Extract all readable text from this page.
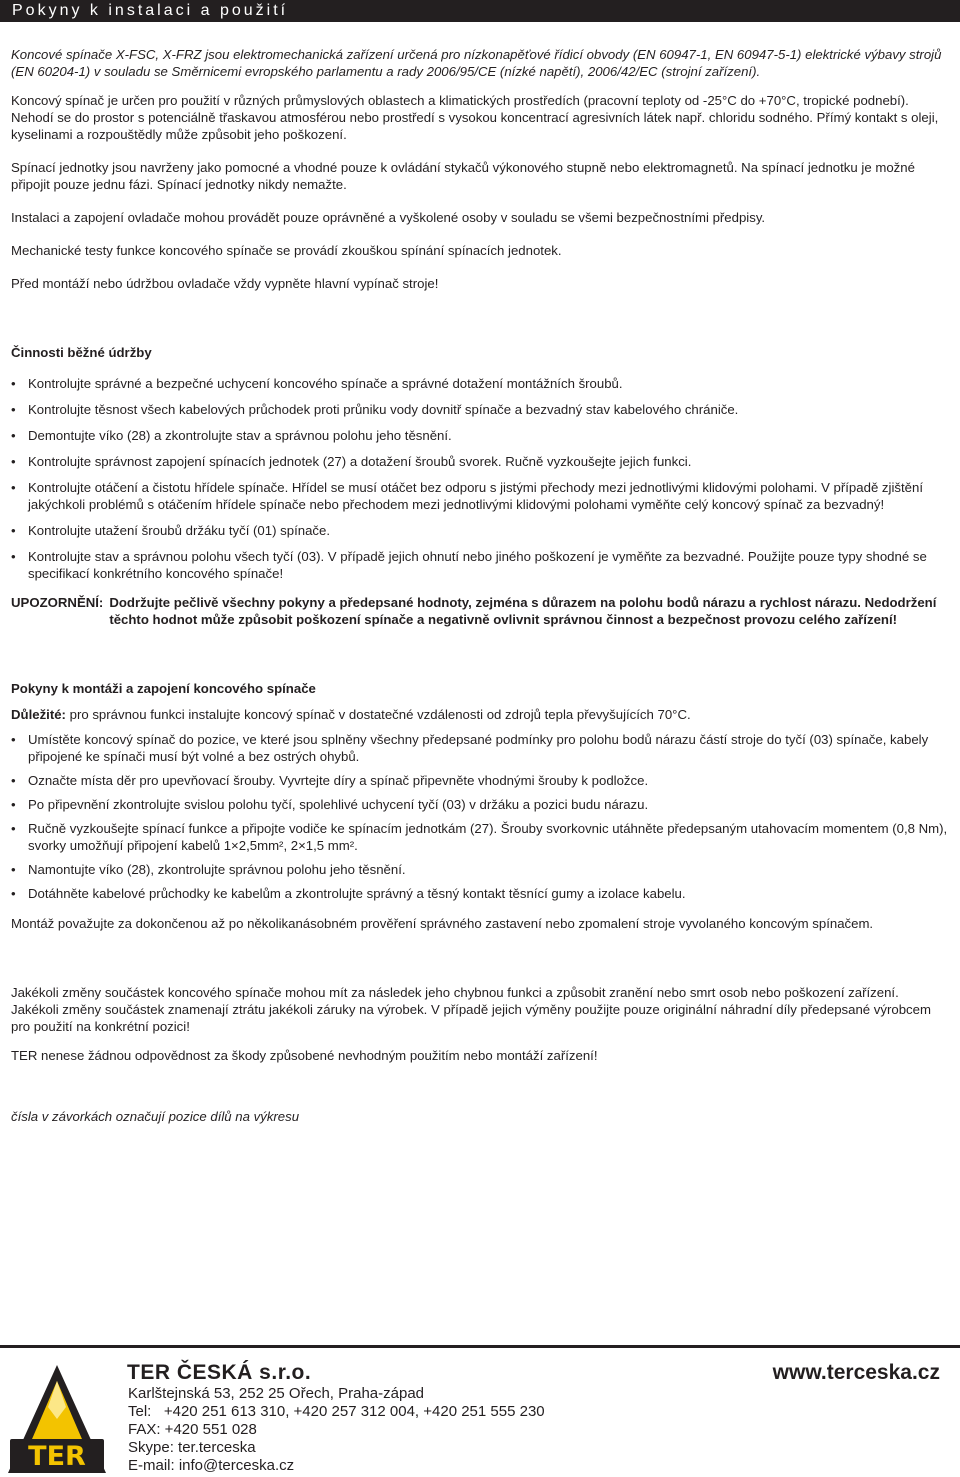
Pokyny k instalaci a použití

Koncové spínače X-FSC, X-FRZ jsou elektromechanická zařízení určená pro nízkonapěťové řídicí obvody (EN 60947-1, EN 60947-5-1) elektrické výbavy strojů (EN 60204-1) v souladu se Směrnicemi evropského parlamentu a rady 2006/95/CE (nízké napětí), 2006/42/EC (strojní zařízení).

Koncový spínač je určen pro použití v různých průmyslových oblastech a klimatických prostředích (pracovní teploty od -25°C do +70°C, tropické podnebí). Nehodí se do prostor s potenciálně třaskavou atmosférou nebo prostředí s vysokou koncentrací agresivních látek např. chloridu sodného. Přímý kontakt s oleji, kyselinami a rozpouštědly může způsobit jeho poškození.

Spínací jednotky jsou navrženy jako pomocné a vhodné pouze k ovládání stykačů výkonového stupně nebo elektromagnetů. Na spínací jednotku je možné připojit pouze jednu fázi. Spínací jednotky nikdy nemažte.

Instalaci a zapojení ovladače mohou provádět pouze oprávněné a vyškolené osoby v souladu se všemi bezpečnostními předpisy.

Mechanické testy funkce koncového spínače se provádí zkouškou spínání spínacích jednotek.

Před montáží nebo údržbou ovladače vždy vypněte hlavní vypínač stroje!

Činnosti běžné údržby
• Kontrolujte správné a bezpečné uchycení koncového spínače a správné dotažení montážních šroubů.
• Kontrolujte těsnost všech kabelových průchodek proti průniku vody dovnitř spínače a bezvadný stav kabelového chrániče.
• Demontujte víko (28) a zkontrolujte stav a správnou polohu jeho těsnění.
• Kontrolujte správnost zapojení spínacích jednotek (27) a dotažení šroubů svorek. Ručně vyzkoušejte jejich funkci.
• Kontrolujte otáčení a čistotu hřídele spínače. Hřídel se musí otáčet bez odporu s jistými přechody mezi jednotlivými klidovými polohami. V případě zjištění jakýchkoli problémů s otáčením hřídele spínače nebo přechodem mezi jednotlivými klidovými polohami vyměňte celý koncový spínač za bezvadný!
• Kontrolujte utažení šroubů držáku tyčí (01) spínače.
• Kontrolujte stav a správnou polohu všech tyčí (03). V případě jejich ohnutí nebo jiného poškození je vyměňte za bezvadné. Použijte pouze typy shodné se specifikací konkrétního koncového spínače!
UPOZORNĚNÍ: Dodržujte pečlivě všechny pokyny a předepsané hodnoty, zejména s důrazem na polohu bodů nárazu a rychlost nárazu. Nedodržení těchto hodnot může způsobit poškození spínače a negativně ovlivnit správnou činnost a bezpečnost provozu celého zařízení!
Pokyny k montáži a zapojení koncového spínače

Důležité: pro správnou funkci instalujte koncový spínač v dostatečné vzdálenosti od zdrojů tepla převyšujících 70°C.

• Umístěte koncový spínač do pozice, ve které jsou splněny všechny předepsané podmínky pro polohu bodů nárazu částí stroje do tyčí (03) spínače, kabely připojené ke spínači musí být volné a bez ostrých ohybů.
• Označte místa děr pro upevňovací šrouby. Vyvrtejte díry a spínač připevněte vhodnými šrouby k podložce.
• Po připevnění zkontrolujte svislou polohu tyčí, spolehlivé uchycení tyčí (03) v držáku a pozici budu nárazu.
• Ručně vyzkoušejte spínací funkce a připojte vodiče ke spínacím jednotkám (27). Šrouby svorkovnic utáhněte předepsaným utahovacím momentem (0,8 Nm), svorky umožňují připojení kabelů 1×2,5mm², 2×1,5 mm².
• Namontujte víko (28), zkontrolujte správnou polohu jeho těsnění.
• Dotáhněte kabelové průchodky ke kabelům a zkontrolujte správný a těsný kontakt těsnící gumy a izolace kabelu.

Montáž považujte za dokončenou až po několikanásobném prověření správného zastavení nebo zpomalení stroje vyvolaného koncovým spínačem.

Jakékoli změny součástek koncového spínače mohou mít za následek jeho chybnou funkci a způsobit zranění nebo smrt osob nebo poškození zařízení. Jakékoli změny součástek znamenají ztrátu jakékoli záruky na výrobek. V případě jejich výměny použijte pouze originální náhradní díly předepsané výrobcem pro použití na konkrétní pozici!

TER nenese žádnou odpovědnost za škody způsobené nevhodným použitím nebo montáží zařízení!

čísla v závorkách označují pozice dílů na výkresu

TER
TER ČESKÁ s.r.o.	www.terceska.cz
Karlštejnská 53, 252 25 Ořech, Praha-západ
Tel:   +420 251 613 310, +420 257 312 004, +420 251 555 230
FAX: +420 551 028
Skype: ter.terceska
E-mail: info@terceska.cz
